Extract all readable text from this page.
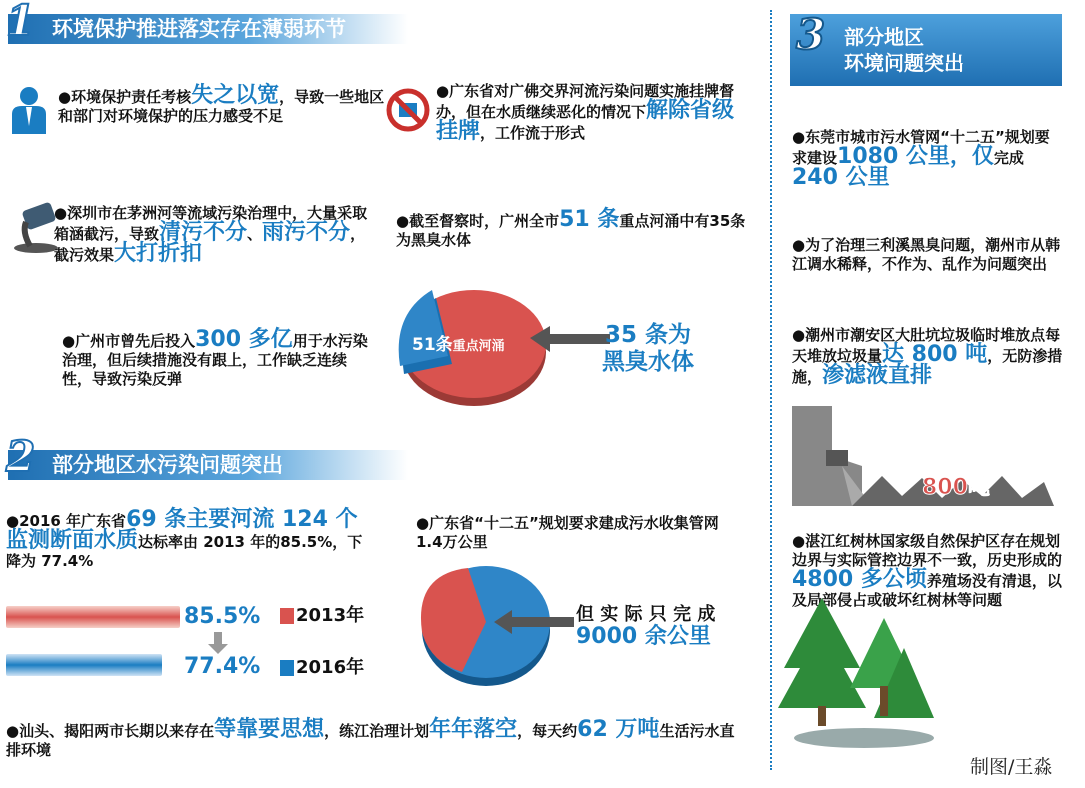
1 环境保护推进落实存在薄弱环节
●环境保护责任考核失之以宽，导致一些地区和部门对环境保护的压力感受不足
●广东省对广佛交界河流污染问题实施挂牌督办，但在水质继续恶化的情况下解除省级挂牌，工作流于形式
●深圳市在茅洲河等流域污染治理中，大量采取箱涵截污，导致清污不分、雨污不分，截污效果大打折扣
●截至督察时，广州全市51 条重点河涌中有35条为黑臭水体
●广州市曾先后投入300 多亿用于水污染治理，但后续措施没有跟上，工作缺乏连续性，导致污染反弹
51条重点河涌	35 条为
黑臭水体
2 部分地区水污染问题突出
●2016 年广东省69 条主要河流 124 个监测断面水质达标率由 2013 年的85.5%，下降为 77.4%
85.5%
77.4%
2013年
2016年
●广东省“十二五”规划要求建成污水收集管网1.4万公里
但 实 际 只 完 成
9000 余公里
●汕头、揭阳两市长期以来存在等靠要思想，练江治理计划年年落空，每天约62 万吨生活污水直排环境
3 部分地区
环境问题突出
●东莞市城市污水管网“十二五”规划要求建设1080 公里，仅完成240 公里
●为了治理三利溪黑臭问题，潮州市从韩江调水稀释，不作为、乱作为问题突出
●潮州市潮安区大肚坑垃圾临时堆放点每天堆放垃圾量达 800 吨，无防渗措施，渗滤液直排
800吨
●湛江红树林国家级自然保护区存在规划边界与实际管控边界不一致，历史形成的4800 多公顷养殖场没有清退，以及局部侵占或破坏红树林等问题
制图/王淼
